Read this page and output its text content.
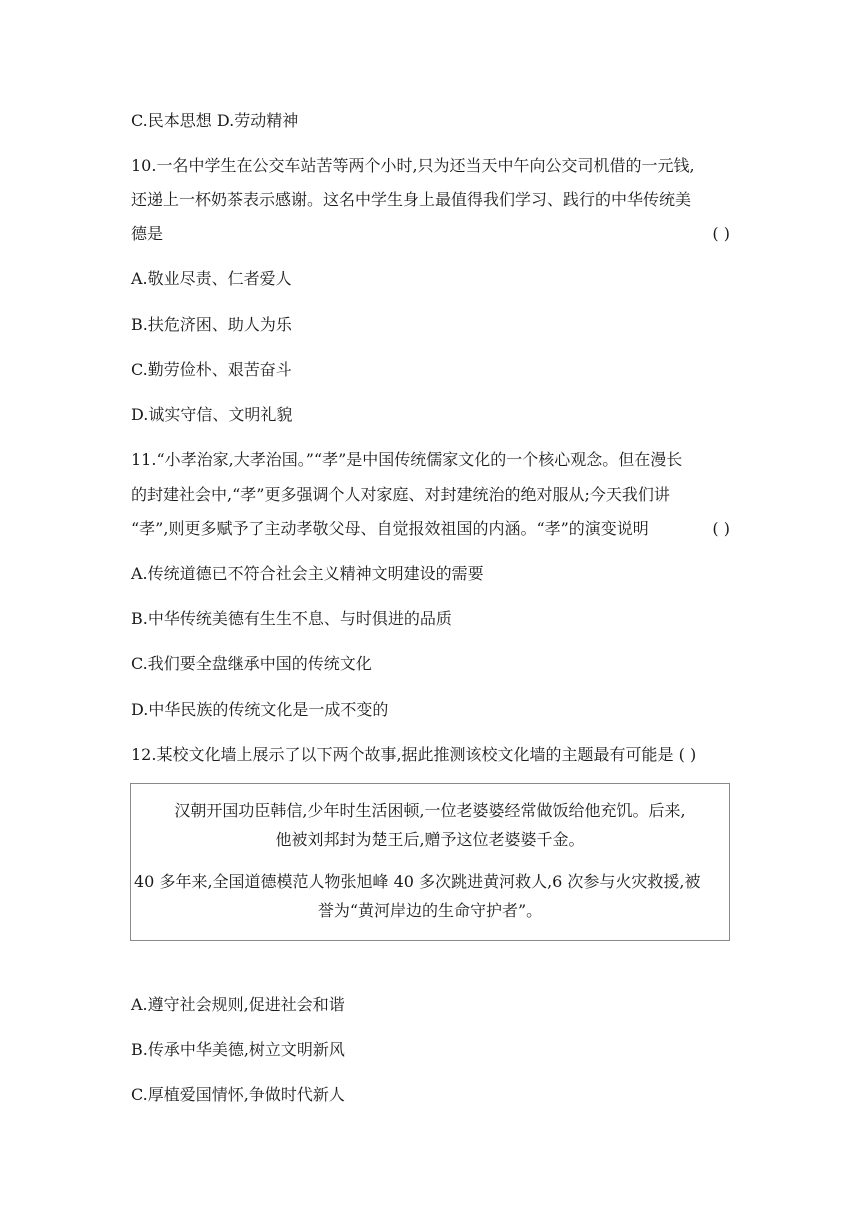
C.民本思想 D.劳动精神
10.一名中学生在公交车站苦等两个小时,只为还当天中午向公交司机借的一元钱,
还递上一杯奶茶表示感谢。这名中学生身上最值得我们学习、践行的中华传统美
德是	( )
A.敬业尽责、仁者爱人
B.扶危济困、助人为乐
C.勤劳俭朴、艰苦奋斗
D.诚实守信、文明礼貌
11.“小孝治家,大孝治国。”“孝”是中国传统儒家文化的一个核心观念。但在漫长
的封建社会中,“孝”更多强调个人对家庭、对封建统治的绝对服从;今天我们讲
“孝”,则更多赋予了主动孝敬父母、自觉报效祖国的内涵。“孝”的演变说明	( )
A.传统道德已不符合社会主义精神文明建设的需要
B.中华传统美德有生生不息、与时俱进的品质
C.我们要全盘继承中国的传统文化
D.中华民族的传统文化是一成不变的
12.某校文化墙上展示了以下两个故事,据此推测该校文化墙的主题最有可能是 ( )
汉朝开国功臣韩信,少年时生活困顿,一位老婆婆经常做饭给他充饥。后来,
他被刘邦封为楚王后,赠予这位老婆婆千金。
40 多年来,全国道德模范人物张旭峰 40 多次跳进黄河救人,6 次参与火灾救援,被
誉为“黄河岸边的生命守护者”。
A.遵守社会规则,促进社会和谐
B.传承中华美德,树立文明新风
C.厚植爱国情怀,争做时代新人
